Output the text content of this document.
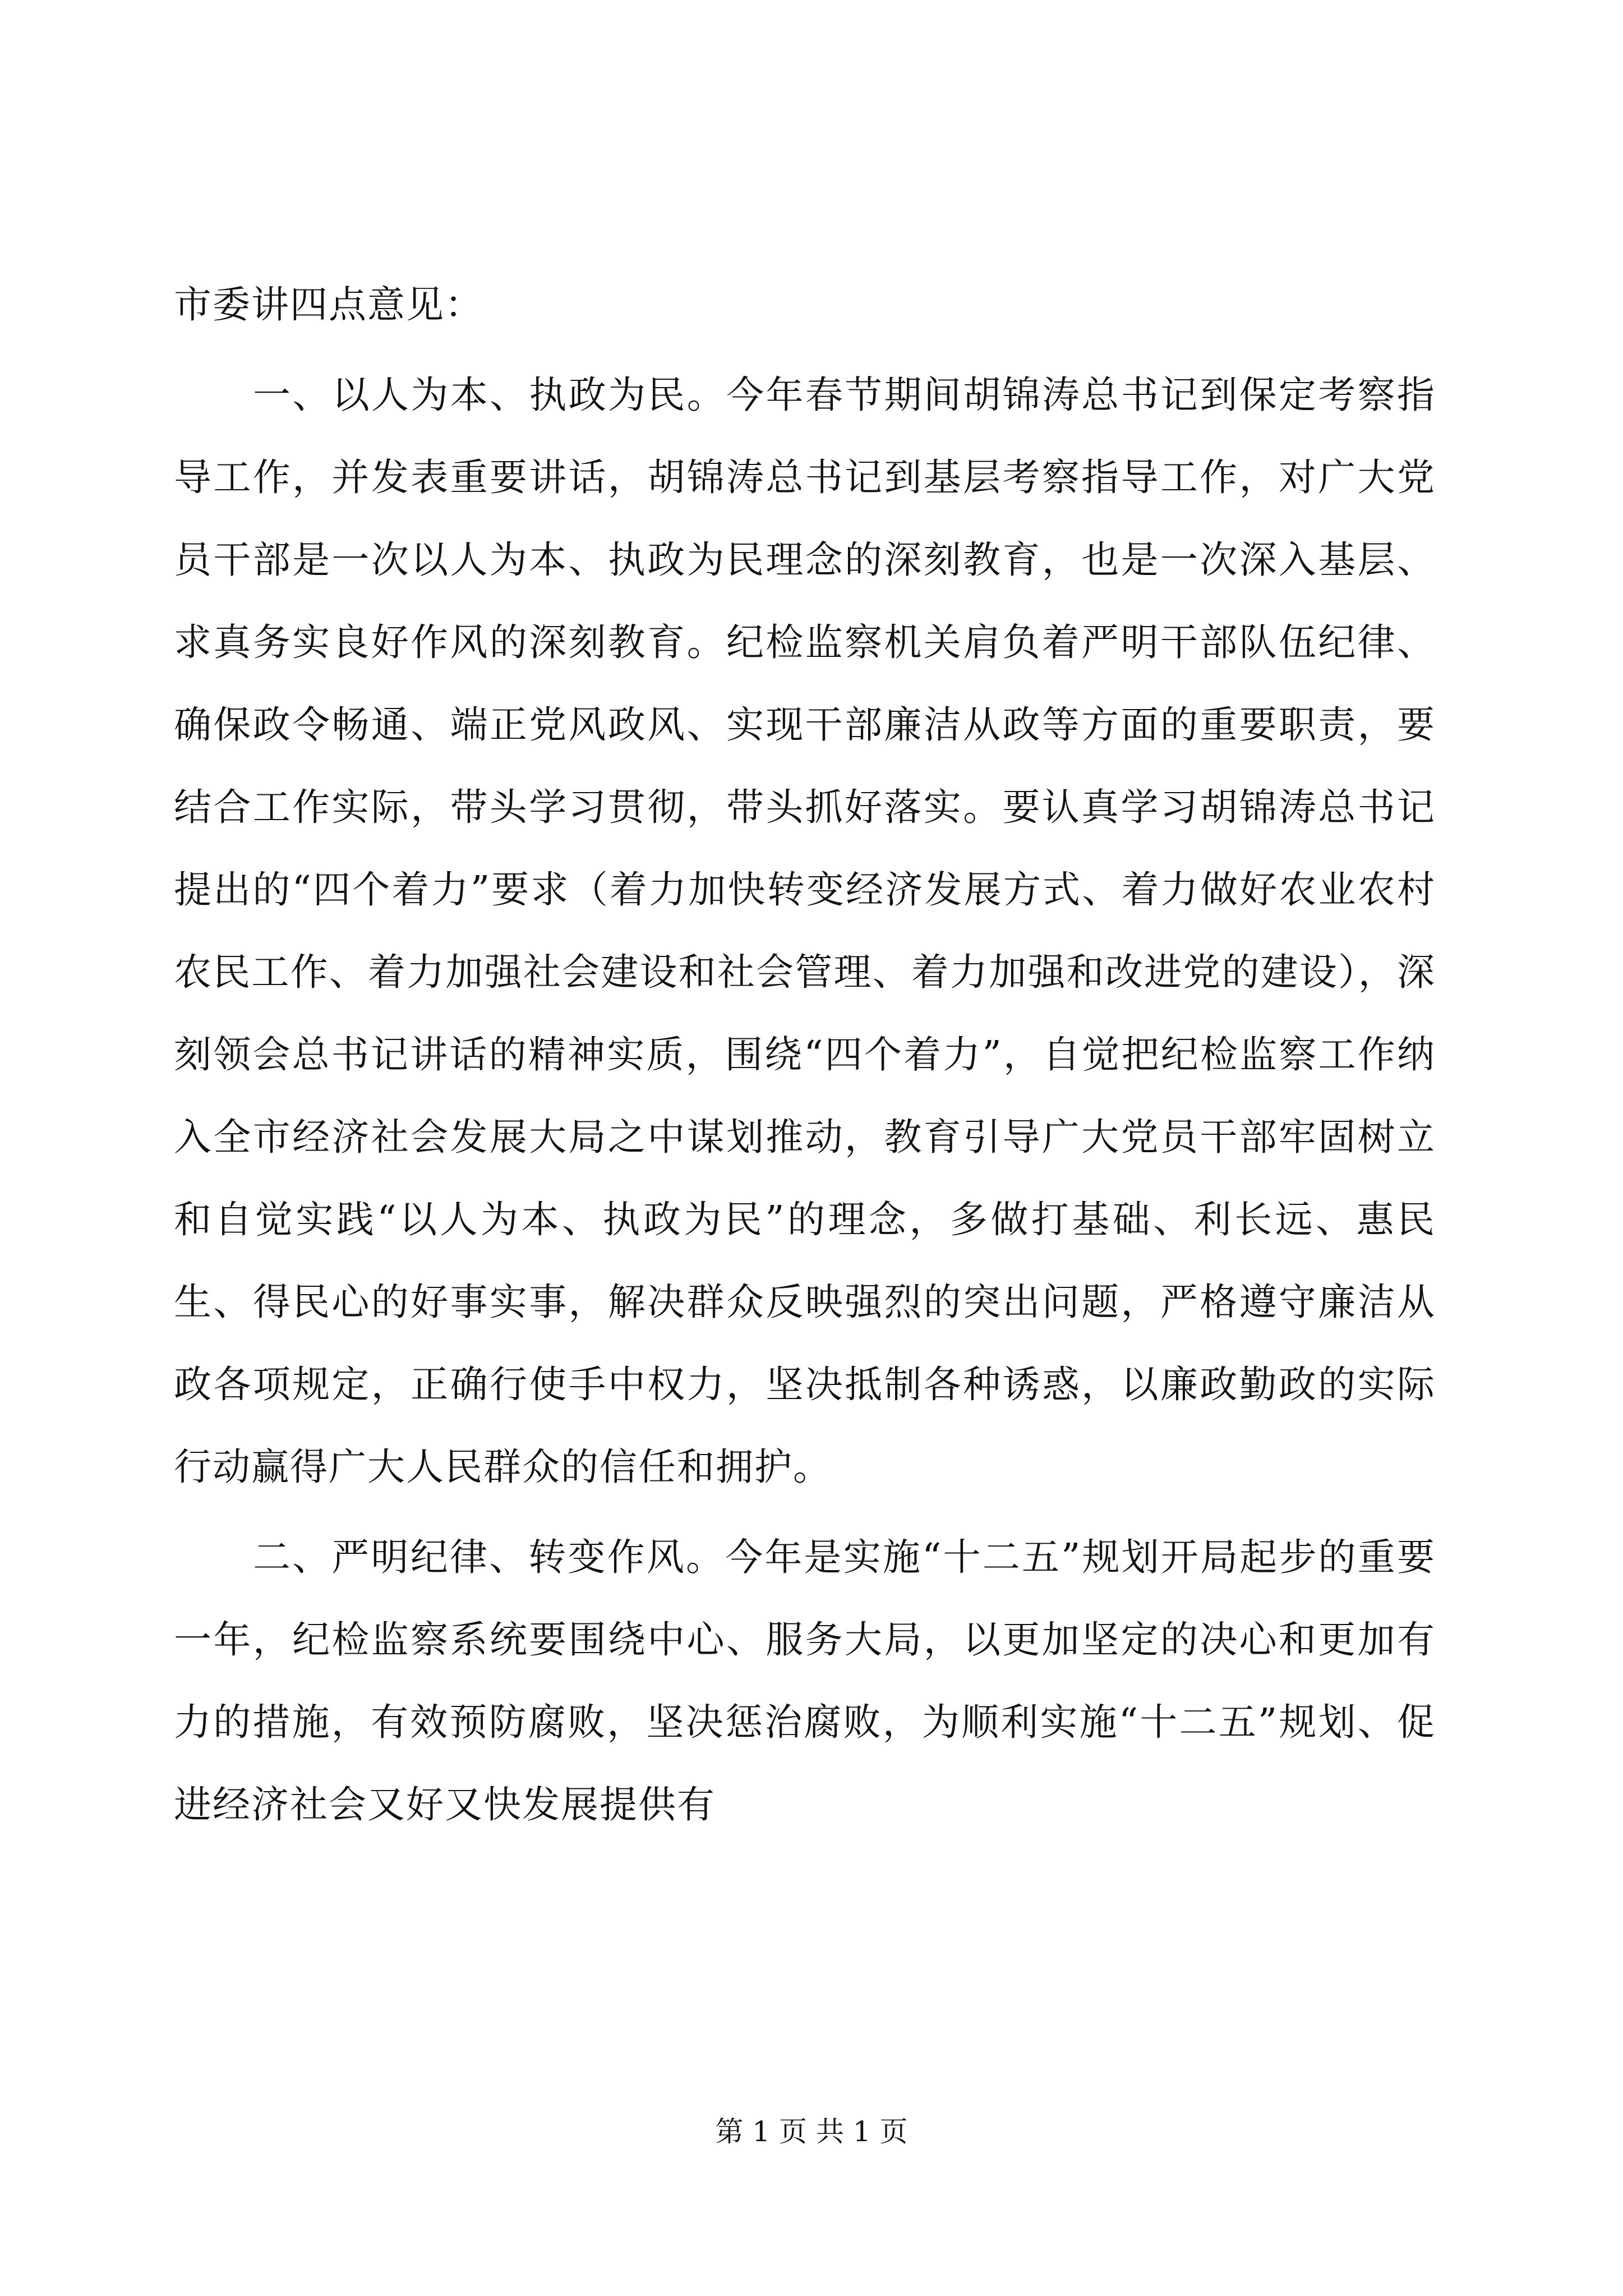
市委讲四点意见：

一、以人为本、执政为民。今年春节期间胡锦涛总书记到保定考察指导工作，并发表重要讲话，胡锦涛总书记到基层考察指导工作，对广大党员干部是一次以人为本、执政为民理念的深刻教育，也是一次深入基层、求真务实良好作风的深刻教育。纪检监察机关肩负着严明干部队伍纪律、确保政令畅通、端正党风政风、实现干部廉洁从政等方面的重要职责，要结合工作实际，带头学习贯彻，带头抓好落实。要认真学习胡锦涛总书记提出的“四个着力”要求（着力加快转变经济发展方式、着力做好农业农村农民工作、着力加强社会建设和社会管理、着力加强和改进党的建设），深刻领会总书记讲话的精神实质，围绕“四个着力”，自觉把纪检监察工作纳入全市经济社会发展大局之中谋划推动，教育引导广大党员干部牢固树立和自觉实践“以人为本、执政为民”的理念，多做打基础、利长远、惠民生、得民心的好事实事，解决群众反映强烈的突出问题，严格遵守廉洁从政各项规定，正确行使手中权力，坚决抵制各种诱惑，以廉政勤政的实际行动赢得广大人民群众的信任和拥护。

二、严明纪律、转变作风。今年是实施“十二五”规划开局起步的重要一年，纪检监察系统要围绕中心、服务大局，以更加坚定的决心和更加有力的措施，有效预防腐败，坚决惩治腐败，为顺利实施“十二五”规划、促进经济社会又好又快发展提供有

第 1 页 共 1 页
